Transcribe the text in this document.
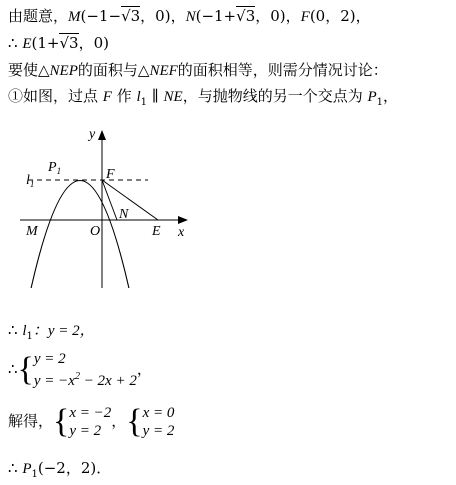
由题意，M(−1−√3，0)，N(−1+√3，0)，F(0，2)，
∴ E(1+√3，0)
要使△NEP的面积与△NEF的面积相等，则需分情况讨论：
①如图，过点 F 作 $l_1$ ∥ NE，与抛物线的另一个交点为 $P_1$，
y
x
$l_1$
$P_1$	F
N
M	O	E
∴ $l_1$：y = 2，
∴{y = 2
$y = -x^2 - 2x + 2$，
解得，{x = −2
y = 2，{x = 0
y = 2
∴ $P_1(-2$，2)．
